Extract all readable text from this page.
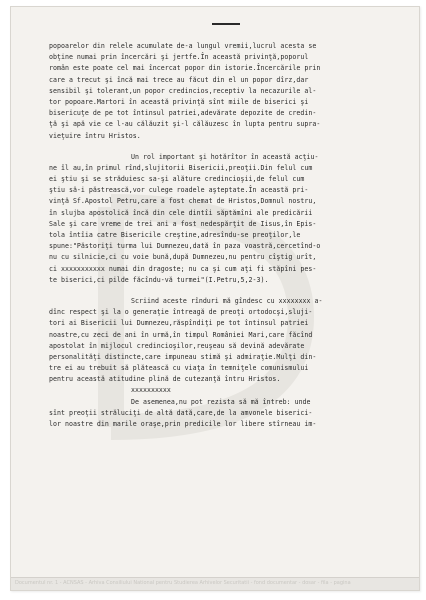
popoarelor din relele acumulate de-a lungul vremii,lucrul acesta se
obţine numai prin încercări şi jertfe.În această privinţă,poporul
român este poate cel mai încercat popor din istorie.Încercările prin
care a trecut şi încă mai trece au făcut din el un popor dîrz,dar
sensibil şi tolerant,un popor credincios,receptiv la necazurile al-
tor popoare.Martori în această privinţă sînt miile de biserici şi
bisericuţe de pe tot întinsul patriei,adevărate depozite de credin-
ţă şi apă vie ce l-au călăuzit şi-l călăuzesc în lupta pentru supra-
vieţuire întru Hristos.
Un rol important şi hotărîtor în această acţiu-
ne îl au,în primul rînd,slujitorii Bisericii,preoţii.Din felul cum
ei ştiu şi se străduiesc sa-şi alăture credincioşii,de felul cum
ştiu să-i păstrească,vor culege roadele aşteptate.În această pri-
vinţă Sf.Apostol Petru,care a fost chemat de Hristos,Domnul nostru,
în slujba apostolică încă din cele dintîi săptămîni ale predicării
Sale şi care vreme de trei ani a fost nedespărţit de Iisus,în Epis-
tola întîia catre Bisericile creştine,adresîndu-se preoţilor,le
spune:"Păstoriţi turma lui Dumnezeu,dată în paza voastră,cercetînd-o
nu cu silnicie,ci cu voie bună,după Dumnezeu,nu pentru cîştig urît,
ci xxxxxxxxxxx numai din dragoste; nu ca şi cum aţi fi stăpîni pes-
te biserici,ci pilde făcîndu-vă turmei"(I.Petru,5,2-3).
Scriind aceste rînduri mă gîndesc cu xxxxxxxx a-
dînc respect şi la o generaţie întreagă de preoţi ortodocşi,sluji-
tori ai Bisericii lui Dumnezeu,răspîndiţi pe tot întinsul patriei
noastre,cu zeci de ani în urmă,în timpul României Mari,care făcînd
apostolat în mijlocul credincioşilor,reuşeau să devină adevărate
personalităţi distincte,care impuneau stimă şi admiraţie.Mulţi din-
tre ei au trebuit să plătească cu viaţa în temniţele comunismului
pentru această atitudine plină de cutezanţă întru Hristos.
xxxxxxxxxx
De asemenea,nu pot rezista să mă întreb: unde
sînt preoţii străluciţi de altă dată,care,de la amvonele biserici-
lor noastre din marile oraşe,prin predicile lor libere stîrneau im-
Documentul nr. 1 - ACNSAS - Arhiva Consiliului National pentru Studierea Arhivelor Securitatii - fond documentar - dosar - fila - pagina
